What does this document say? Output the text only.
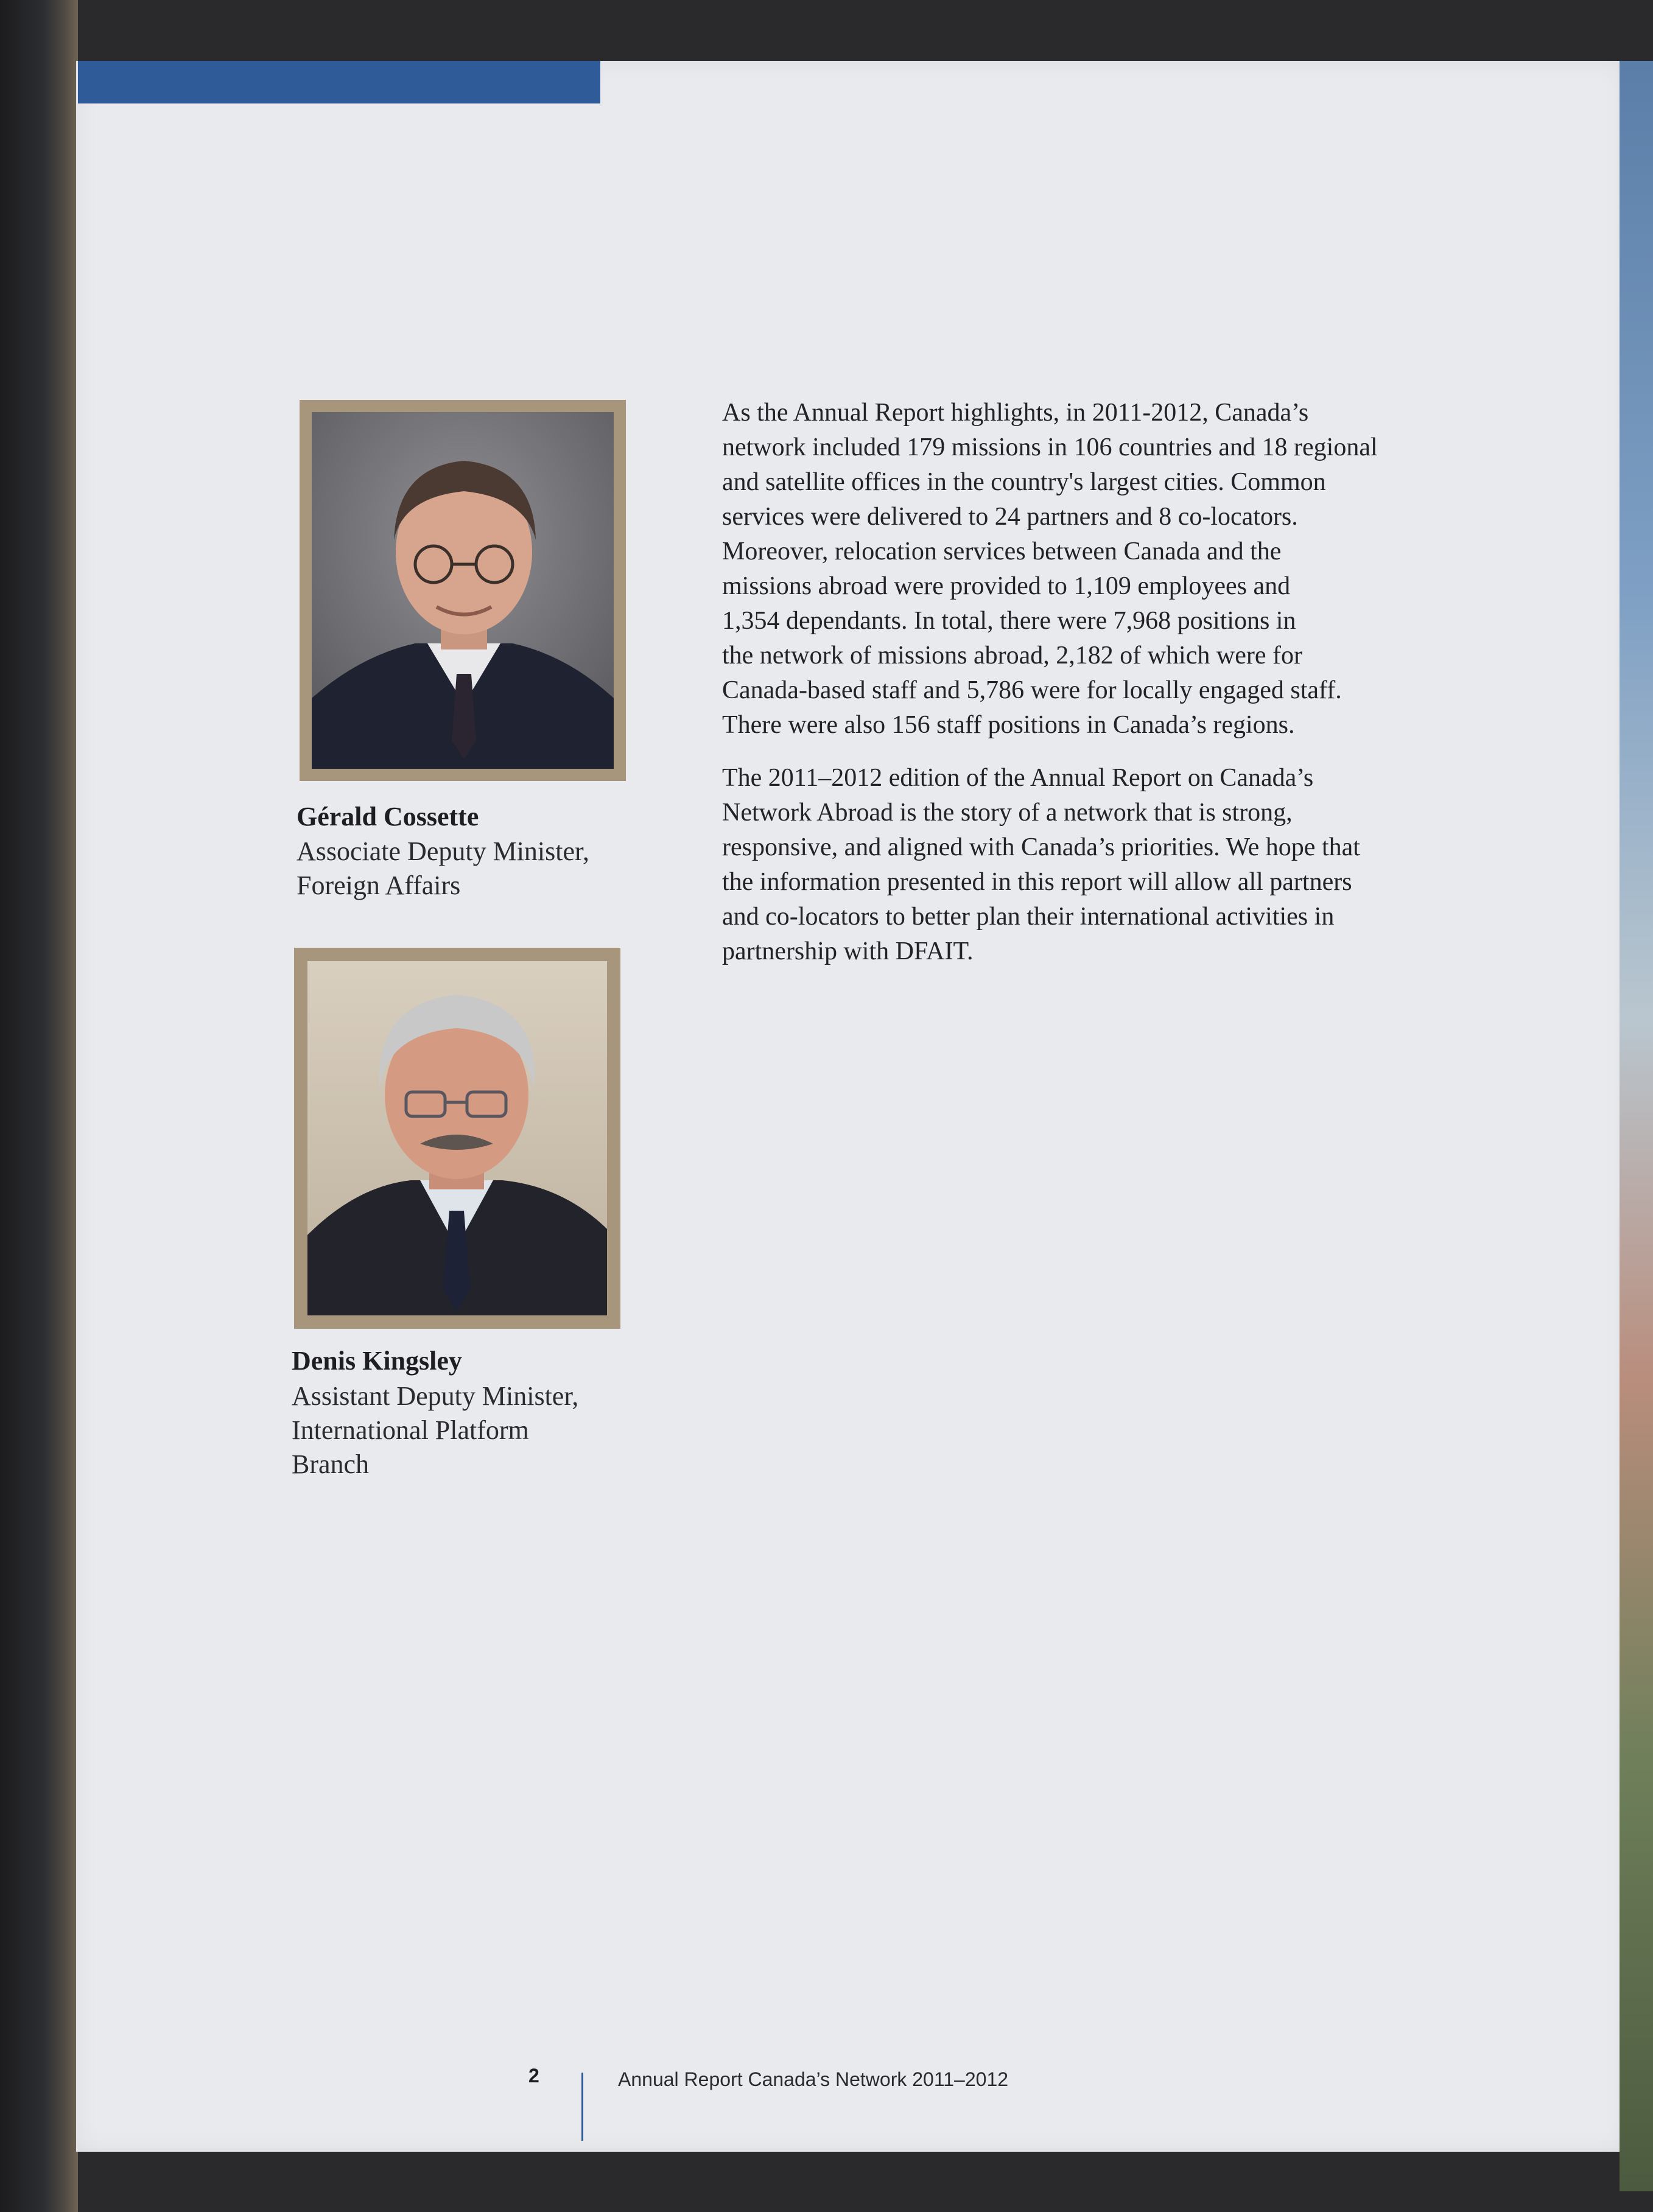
Gérald Cossette

Associate Deputy Minister,
Foreign Affairs

Denis Kingsley

Assistant Deputy Minister,
International Platform
Branch
As the Annual Report highlights, in 2011-2012, Canada’s
network included 179 missions in 106 countries and 18 regional
and satellite offices in the country's largest cities. Common
services were delivered to 24 partners and 8 co-locators.
Moreover, relocation services between Canada and the
missions abroad were provided to 1,109 employees and
1,354 dependants. In total, there were 7,968 positions in
the network of missions abroad, 2,182 of which were for
Canada-based staff and 5,786 were for locally engaged staff.
There were also 156 staff positions in Canada’s regions.
The 2011–2012 edition of the Annual Report on Canada’s
Network Abroad is the story of a network that is strong,
responsive, and aligned with Canada’s priorities. We hope that
the information presented in this report will allow all partners
and co-locators to better plan their international activities in
partnership with DFAIT.
2	Annual Report Canada’s Network 2011–2012
